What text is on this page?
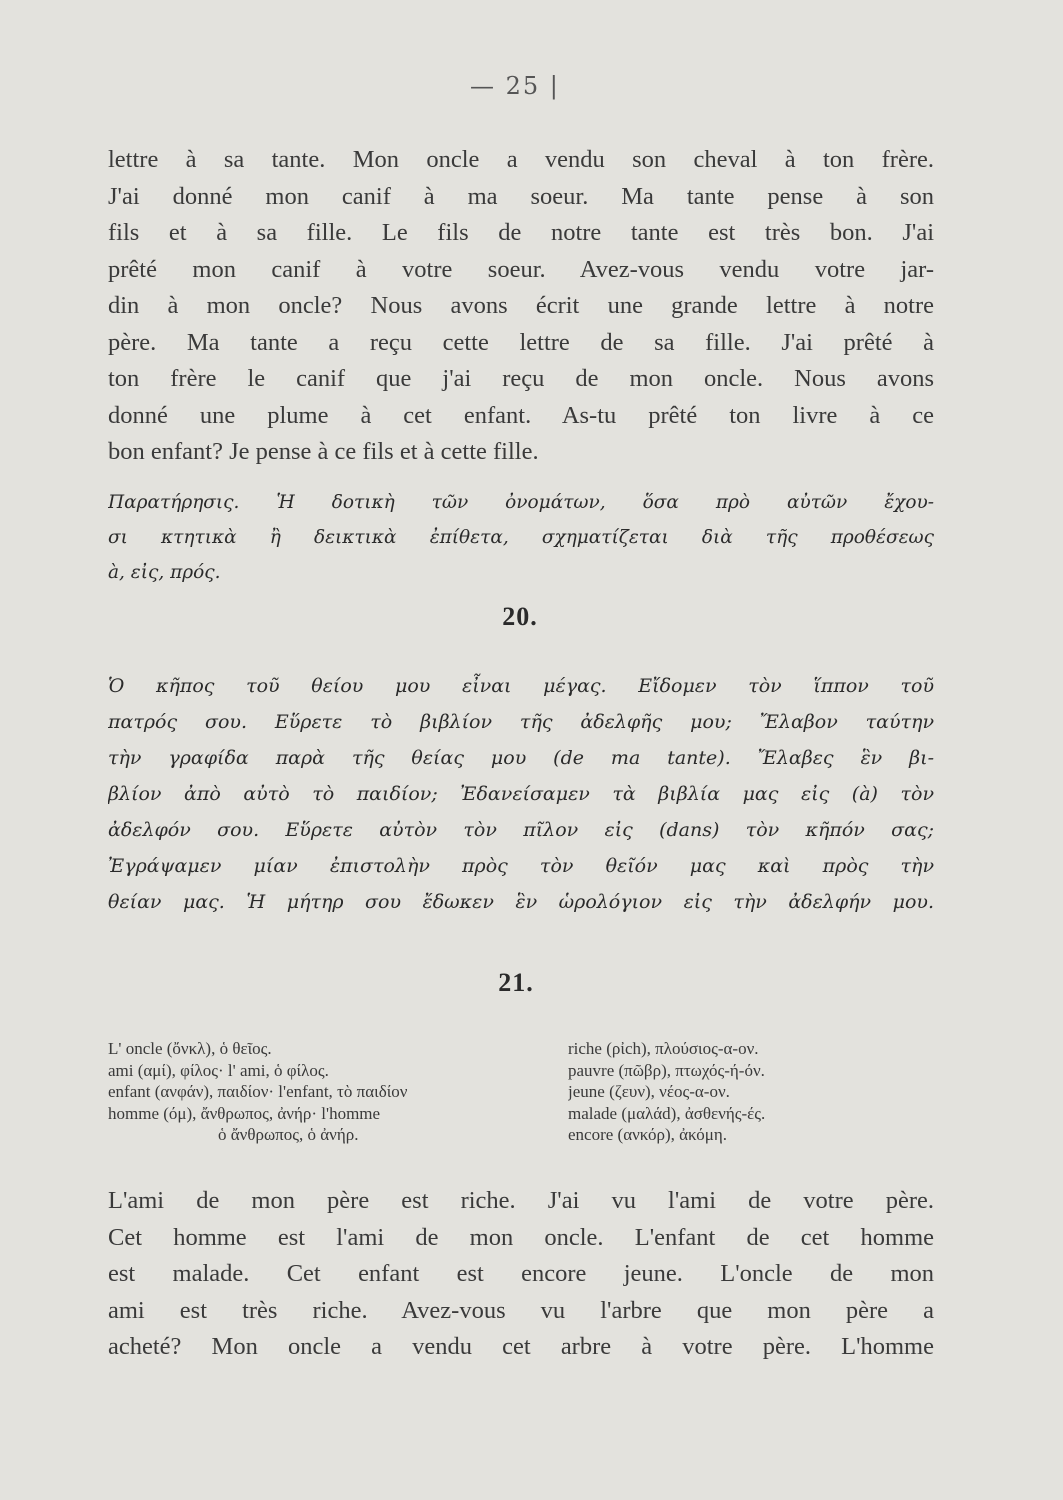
— 25 |
lettre à sa tante. Mon oncle a vendu son cheval à ton frère.
J'ai donné mon canif à ma soeur. Ma tante pense à son
fils et à sa fille. Le fils de notre tante est très bon. J'ai
prêté mon canif à votre soeur. Avez-vous vendu votre jar-
din à mon oncle? Nous avons écrit une grande lettre à notre
père. Ma tante a reçu cette lettre de sa fille. J'ai prêté à
ton frère le canif que j'ai reçu de mon oncle. Nous avons
donné une plume à cet enfant. As-tu prêté ton livre à ce
bon enfant? Je pense à ce fils et à cette fille.
Παρατήρησις. Ἡ δοτικὴ τῶν ὀνομάτων, ὅσα πρὸ αὐτῶν ἔχου-
σι κτητικὰ ἢ δεικτικὰ ἐπίθετα, σχηματίζεται διὰ τῆς προθέσεως
à, εἰς, πρός.
20.
Ὁ κῆπος τοῦ θείου μου εἶναι μέγας. Εἴδομεν τὸν ἵππον τοῦ
πατρός σου. Εὕρετε τὸ βιβλίον τῆς ἀδελφῆς μου; Ἔλαβον ταύτην
τὴν γραφίδα παρὰ τῆς θείας μου (de ma tante). Ἔλαβες ἓν βι-
βλίον ἀπὸ αὐτὸ τὸ παιδίον; Ἐδανείσαμεν τὰ βιβλία μας εἰς (à) τὸν
ἀδελφόν σου. Εὕρετε αὐτὸν τὸν πῖλον εἰς (dans) τὸν κῆπόν σας;
Ἐγράψαμεν μίαν ἐπιστολὴν πρὸς τὸν θεῖόν μας καὶ πρὸς τὴν
θείαν μας. Ἡ μήτηρ σου ἔδωκεν ἓν ὡρολόγιον εἰς τὴν ἀδελφήν μου.
21.
L' oncle (ὄνκλ), ὁ θεῖος.	riche (ρἰch), πλούσιος-α-ον.
ami (αμί), φίλος· l' ami, ὁ φίλος.	pauvre (πῶβρ), πτωχός-ή-όν.
enfant (ανφάν), παιδίον· l'enfant, τὸ παιδίον	jeune (ζευν), νέος-α-ον.
homme (όμ), ἄνθρωπος, ἀνήρ· l'homme	malade (μαλάd), ἀσθενής-ές.
ὁ ἄνθρωπος, ὁ ἀνήρ.	encore (ανκόρ), ἀκόμη.
L'ami de mon père est riche. J'ai vu l'ami de votre père.
Cet homme est l'ami de mon oncle. L'enfant de cet homme
est malade. Cet enfant est encore jeune. L'oncle de mon
ami est très riche. Avez-vous vu l'arbre que mon père a
acheté? Mon oncle a vendu cet arbre à votre père. L'homme
